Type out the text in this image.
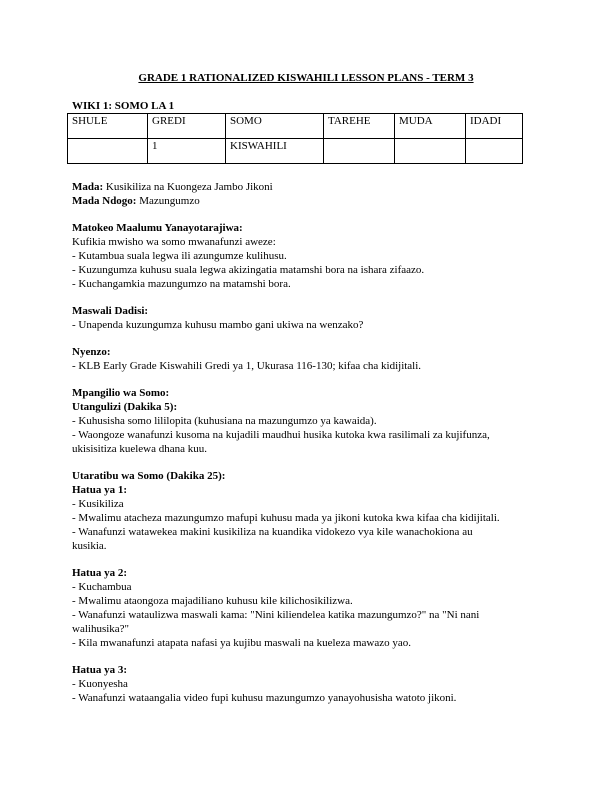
GRADE 1 RATIONALIZED KISWAHILI LESSON PLANS - TERM 3
WIKI 1: SOMO LA 1
SHULE	GREDI	SOMO	TAREHE	MUDA	IDADI
	1	KISWAHILI			

Mada: Kusikiliza na Kuongeza Jambo Jikoni

Mada Ndogo: Mazungumzo

Matokeo Maalumu Yanayotarajiwa:

Kufikia mwisho wa somo mwanafunzi aweze:

- Kutambua suala legwa ili azungumze kulihusu.

- Kuzungumza kuhusu suala legwa akizingatia matamshi bora na ishara zifaazo.

- Kuchangamkia mazungumzo na matamshi bora.

Maswali Dadisi:

- Unapenda kuzungumza kuhusu mambo gani ukiwa na wenzako?

Nyenzo:

- KLB Early Grade Kiswahili Gredi ya 1, Ukurasa 116-130; kifaa cha kidijitali.

Mpangilio wa Somo:

Utangulizi (Dakika 5):

- Kuhusisha somo lililopita (kuhusiana na mazungumzo ya kawaida).

- Waongoze wanafunzi kusoma na kujadili maudhui husika kutoka kwa rasilimali za kujifunza,

ukisisitiza kuelewa dhana kuu.

Utaratibu wa Somo (Dakika 25):

Hatua ya 1:

- Kusikiliza

- Mwalimu atacheza mazungumzo mafupi kuhusu mada ya jikoni kutoka kwa kifaa cha kidijitali.

- Wanafunzi watawekea makini kusikiliza na kuandika vidokezo vya kile wanachokiona au

kusikia.

Hatua ya 2:

- Kuchambua

- Mwalimu ataongoza majadiliano kuhusu kile kilichosikilizwa.

- Wanafunzi wataulizwa maswali kama: "Nini kiliendelea katika mazungumzo?" na "Ni nani

walihusika?"

- Kila mwanafunzi atapata nafasi ya kujibu maswali na kueleza mawazo yao.

Hatua ya 3:

- Kuonyesha

- Wanafunzi wataangalia video fupi kuhusu mazungumzo yanayohusisha watoto jikoni.
